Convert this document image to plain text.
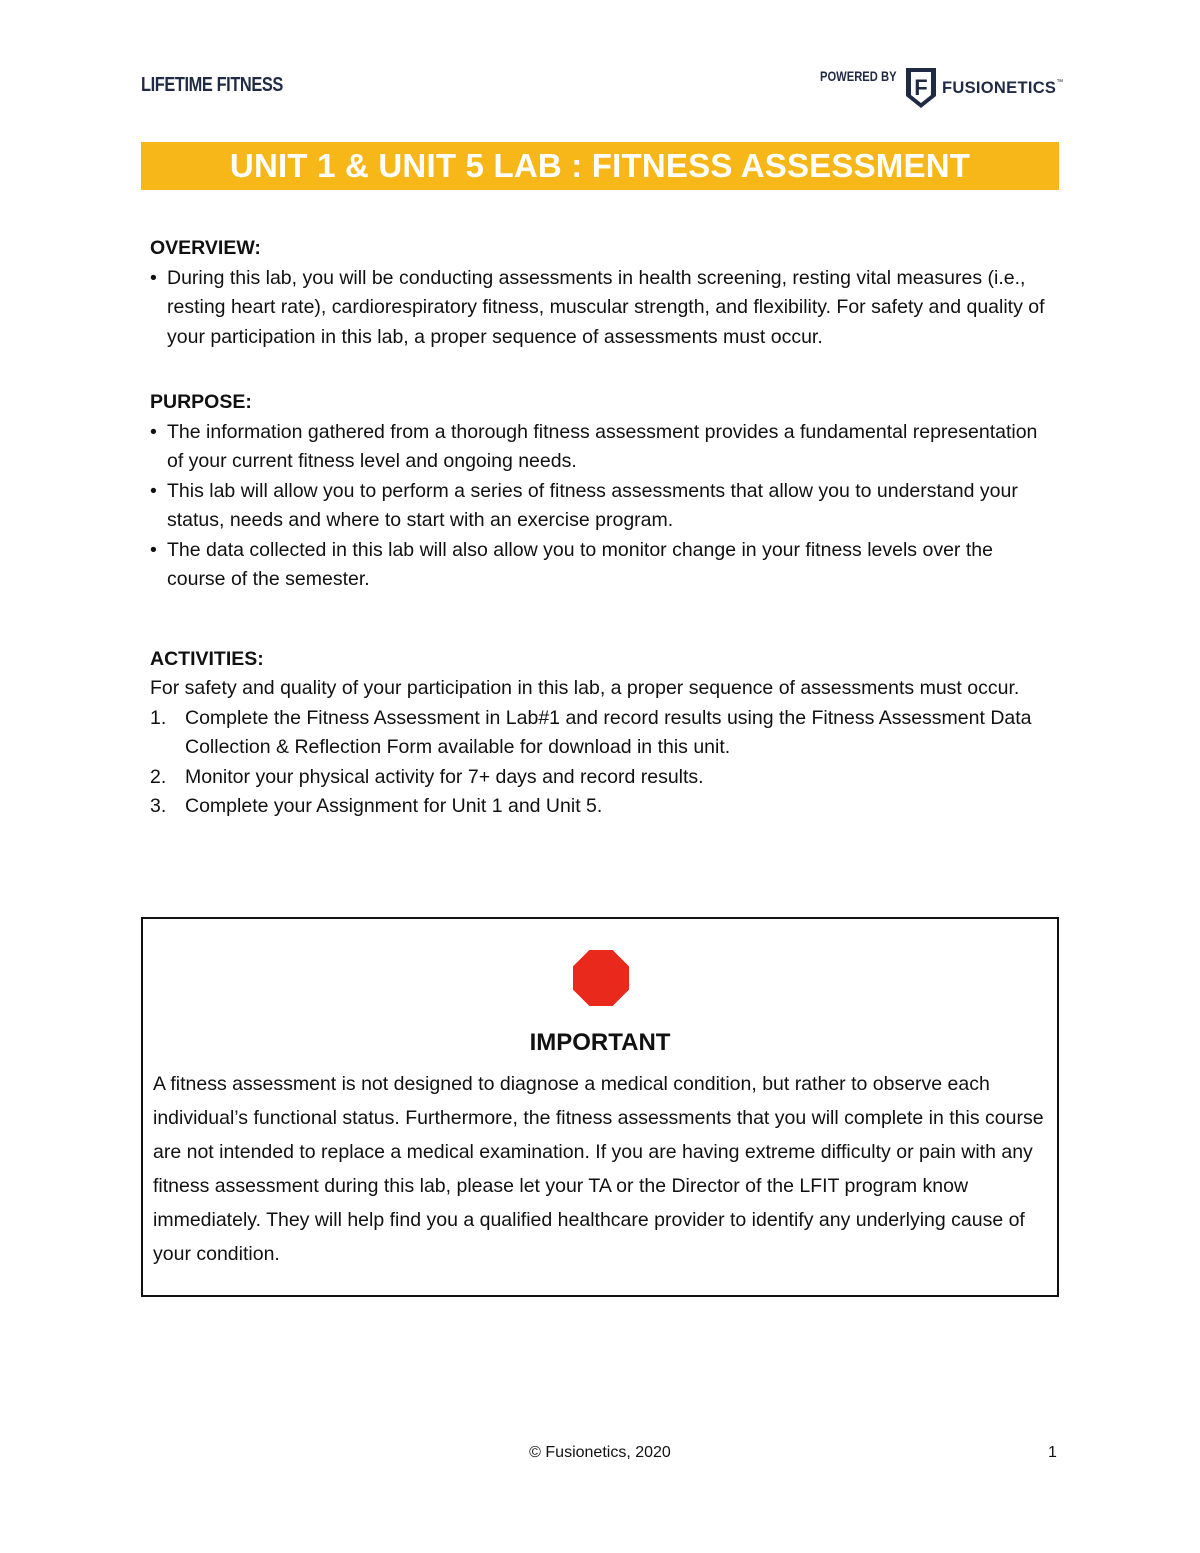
LIFETIME FITNESS	POWERED BY F FUSIONETICS™
UNIT 1 & UNIT 5 LAB : FITNESS ASSESSMENT
OVERVIEW:
• During this lab, you will be conducting assessments in health screening, resting vital measures (i.e., resting heart rate), cardiorespiratory fitness, muscular strength, and flexibility. For safety and quality of your participation in this lab, a proper sequence of assessments must occur.
PURPOSE:
• The information gathered from a thorough fitness assessment provides a fundamental representation of your current fitness level and ongoing needs.
• This lab will allow you to perform a series of fitness assessments that allow you to understand your status, needs and where to start with an exercise program.
• The data collected in this lab will also allow you to monitor change in your fitness levels over the course of the semester.
ACTIVITIES:
For safety and quality of your participation in this lab, a proper sequence of assessments must occur.
1. Complete the Fitness Assessment in Lab#1 and record results using the Fitness Assessment Data Collection & Reflection Form available for download in this unit.
2. Monitor your physical activity for 7+ days and record results.
3. Complete your Assignment for Unit 1 and Unit 5.
IMPORTANT
A fitness assessment is not designed to diagnose a medical condition, but rather to observe each individual’s functional status. Furthermore, the fitness assessments that you will complete in this course are not intended to replace a medical examination. If you are having extreme difficulty or pain with any fitness assessment during this lab, please let your TA or the Director of the LFIT program know immediately. They will help find you a qualified healthcare provider to identify any underlying cause of your condition.
© Fusionetics, 2020	1
